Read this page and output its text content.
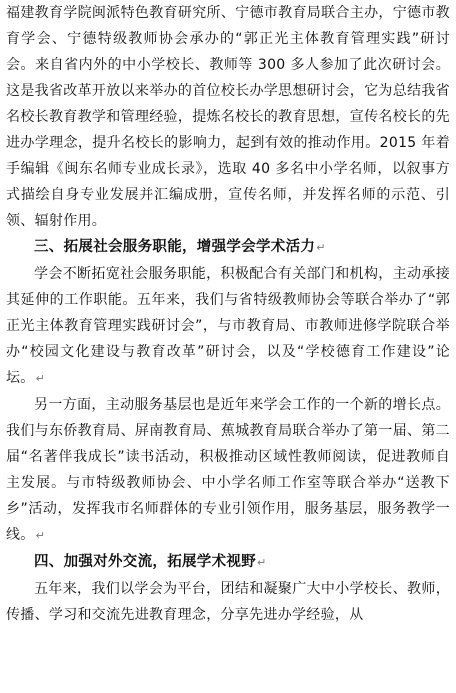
福建教育学院闽派特色教育研究所、宁德市教育局联合主办，宁德市教育学会、宁德特级教师协会承办的“郭正光主体教育管理实践”研讨会。来自省内外的中小学校长、教师等 300 多人参加了此次研讨会。这是我省改革开放以来举办的首位校长办学思想研讨会，它为总结我省名校长教育教学和管理经验，提炼名校长的教育思想，宣传名校长的先进办学理念，提升名校长的影响力，起到有效的推动作用。2015 年着手编辑《闽东名师专业成长录》，选取 40 多名中小学名师，以叙事方式描绘自身专业发展并汇编成册，宣传名师，并发挥名师的示范、引领、辐射作用。

三、拓展社会服务职能，增强学会学术活力↵

学会不断拓宽社会服务职能，积极配合有关部门和机构，主动承接其延伸的工作职能。五年来，我们与省特级教师协会等联合举办了“郭正光主体教育管理实践研讨会”，与市教育局、市教师进修学院联合举办“校园文化建设与教育改革”研讨会，以及“学校德育工作建设”论坛。↵

另一方面，主动服务基层也是近年来学会工作的一个新的增长点。我们与东侨教育局、屏南教育局、蕉城教育局联合举办了第一届、第二届“名著伴我成长”读书活动，积极推动区域性教师阅读，促进教师自主发展。与市特级教师协会、中小学名师工作室等联合举办“送教下乡”活动，发挥我市名师群体的专业引领作用，服务基层，服务教学一线。↵

四、加强对外交流，拓展学术视野↵

五年来，我们以学会为平台，团结和凝聚广大中小学校长、教师，传播、学习和交流先进教育理念，分享先进办学经验，从
